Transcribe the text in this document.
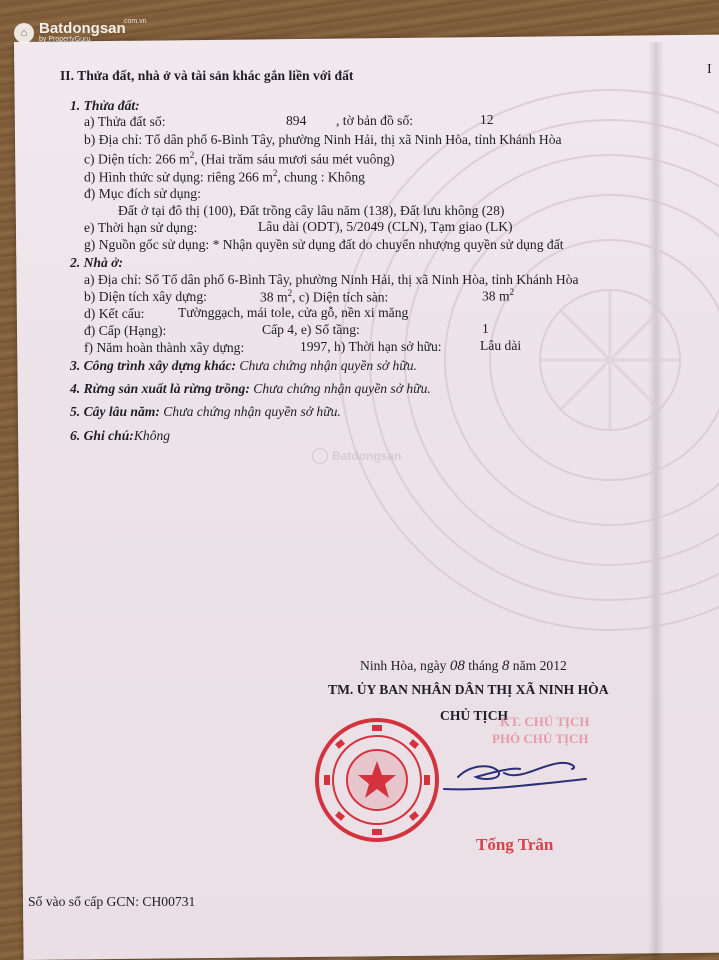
⌂ Batdongsan
by PropertyGuru
.com.vn
Batdongsan
II. Thửa đất, nhà ở và tài sản khác gắn liền với đất
1. Thửa đất:
a) Thửa đất số:	894 , tờ bản đồ số:	12
b) Địa chỉ: Tổ dân phố 6-Bình Tây, phường Ninh Hải, thị xã Ninh Hòa, tỉnh Khánh Hòa
c) Diện tích: 266 $m^2$, (Hai trăm sáu mươi sáu mét vuông)
d) Hình thức sử dụng: riêng 266 $m^2$, chung : Không
đ) Mục đích sử dụng:
Đất ở tại đô thị (100), Đất trồng cây lâu năm (138), Đất lưu không (28)
e) Thời hạn sử dụng:	Lâu dài (ODT), 5/2049 (CLN), Tạm giao (LK)
g) Nguồn gốc sử dụng: * Nhận quyền sử dụng đất do chuyển nhượng quyền sử dụng đất
2. Nhà ở:
a) Địa chỉ: Số Tổ dân phố 6-Bình Tây, phường Ninh Hải, thị xã Ninh Hòa, tỉnh Khánh Hòa
b) Diện tích xây dựng:	38 $m^2$, c) Diện tích sàn:	38 $m^2$
d) Kết cấu: Tườnggạch, mái tole, cửa gỗ, nền xi măng
đ) Cấp (Hạng):	Cấp 4, e) Số tầng:	1
f) Năm hoàn thành xây dựng:	1997, h) Thời hạn sở hữu:	Lâu dài
3. Công trình xây dựng khác: Chưa chứng nhận quyền sở hữu.
4. Rừng sản xuất là rừng trồng: Chưa chứng nhận quyền sở hữu.
5. Cây lâu năm: Chưa chứng nhận quyền sở hữu.
6. Ghi chú:Không
Ninh Hòa, ngày 08 tháng 8 năm 2012
TM. ỦY BAN NHÂN DÂN THỊ XÃ NINH HÒA
CHỦ TỊCH
KT. CHỦ TỊCH
PHÓ CHỦ TỊCH
Tống Trân
Số vào sổ cấp GCN: CH00731
I
